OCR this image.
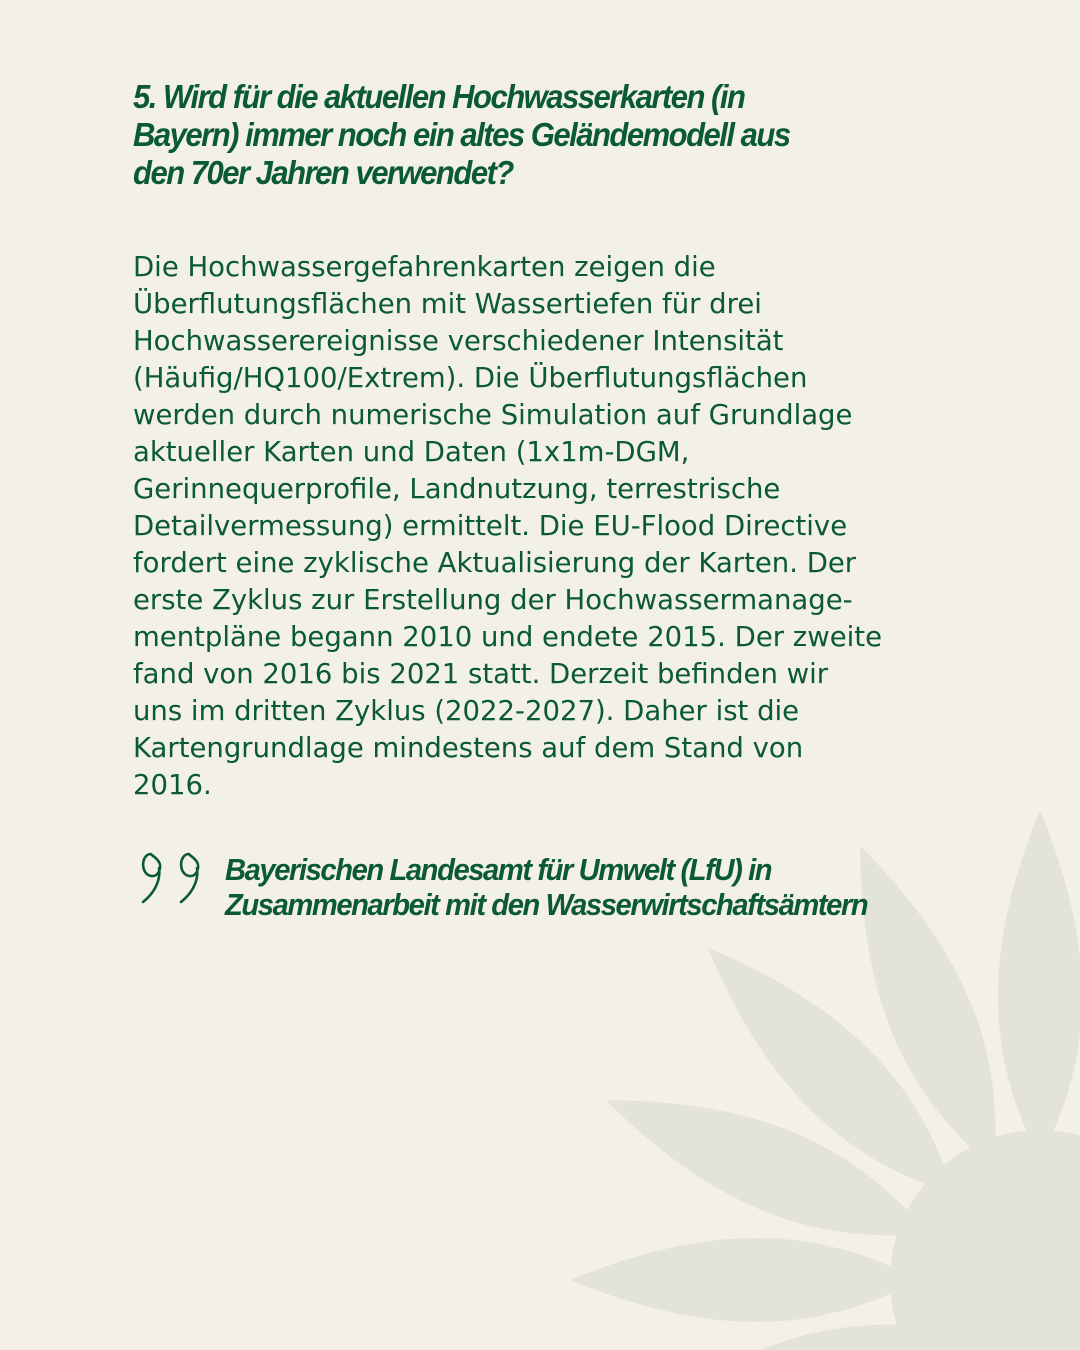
5. Wird für die aktuellen Hochwasserkarten (in
Bayern) immer noch ein altes Geländemodell aus
den 70er Jahren verwendet?

Die Hochwassergefahrenkarten zeigen die
Überflutungsflächen mit Wassertiefen für drei
Hochwasserereignisse verschiedener Intensität
(Häufig/HQ100/Extrem). Die Überflutungsflächen
werden durch numerische Simulation auf Grundlage
aktueller Karten und Daten (1x1m-DGM,
Gerinnequerprofile, Landnutzung, terrestrische
Detailvermessung) ermittelt. Die EU-Flood Directive
fordert eine zyklische Aktualisierung der Karten. Der
erste Zyklus zur Erstellung der Hochwassermanage-
mentpläne begann 2010 und endete 2015. Der zweite
fand von 2016 bis 2021 statt. Derzeit befinden wir
uns im dritten Zyklus (2022-2027). Daher ist die
Kartengrundlage mindestens auf dem Stand von
2016.

Bayerischen Landesamt für Umwelt (LfU) in
Zusammenarbeit mit den Wasserwirtschaftsämtern
